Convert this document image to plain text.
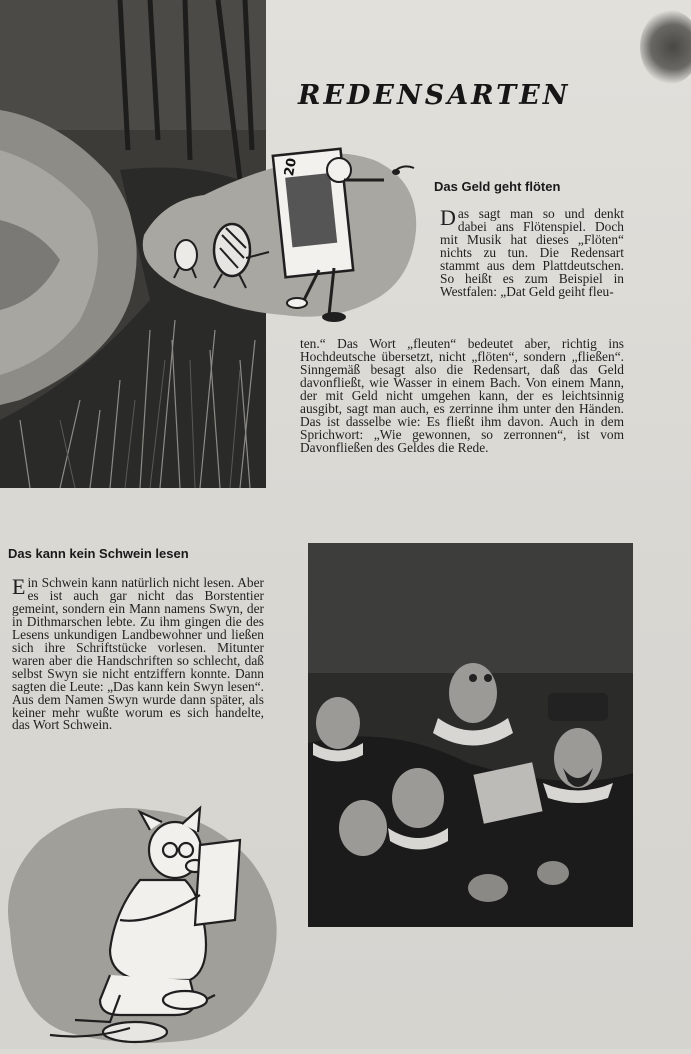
REDENSARTEN
20
Das Geld geht flöten

Das sagt man so und denkt dabei ans Flötenspiel. Doch mit Musik hat dieses „Flöten“ nichts zu tun. Die Redensart stammt aus dem Plattdeutschen. So heißt es zum Beispiel in Westfalen: „Dat Geld geiht fleu-

ten.“ Das Wort „fleuten“ bedeutet aber, richtig ins Hochdeutsche übersetzt, nicht „flöten“, sondern „fließen“. Sinngemäß besagt also die Redensart, daß das Geld davonfließt, wie Wasser in einem Bach. Von einem Mann, der mit Geld nicht umgehen kann, der es leichtsinnig ausgibt, sagt man auch, es zerrinne ihm unter den Händen. Das ist dasselbe wie: Es fließt ihm davon. Auch in dem Sprichwort: „Wie gewonnen, so zerronnen“, ist vom Davonfließen des Geldes die Rede.

Das kann kein Schwein lesen

Ein Schwein kann natürlich nicht lesen. Aber es ist auch gar nicht das Borstentier gemeint, sondern ein Mann namens Swyn, der in Dithmarschen lebte. Zu ihm gingen die des Lesens unkundigen Landbewohner und ließen sich ihre Schriftstücke vorlesen. Mitunter waren aber die Handschriften so schlecht, daß selbst Swyn sie nicht entziffern konnte. Dann sagten die Leute: „Das kann kein Swyn lesen“. Aus dem Namen Swyn wurde dann später, als keiner mehr wußte worum es sich handelte, das Wort Schwein.
